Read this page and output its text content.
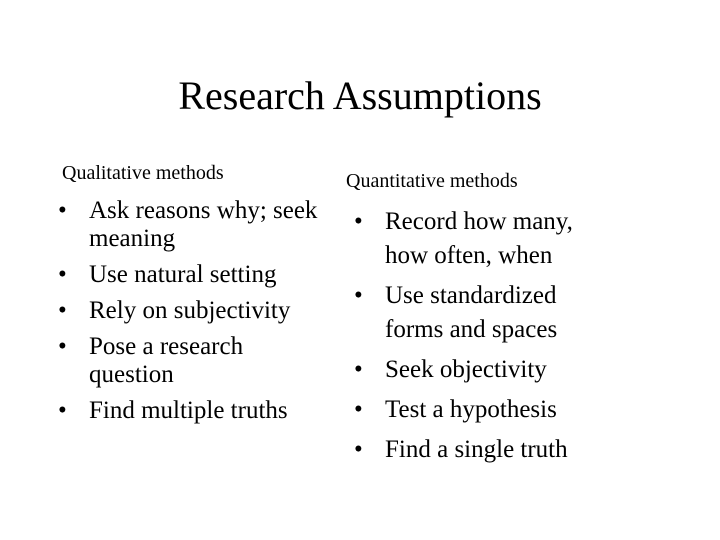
Research Assumptions
Qualitative methods	Quantitative methods
• Ask reasons why; seek
meaning
• Use natural setting
• Rely on subjectivity
• Pose a research
question
• Find multiple truths
• Record how many,
how often, when
• Use standardized
forms and spaces
• Seek objectivity
• Test a hypothesis
• Find a single truth
